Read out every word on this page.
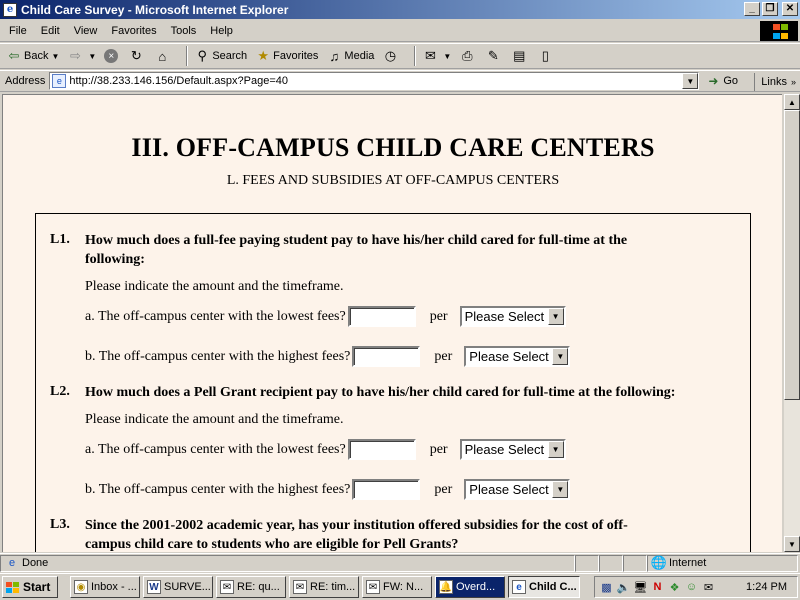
e Child Care Survey - Microsoft Internet Explorer	_	❐	✕
File	Edit	View	Favorites	Tools	Help
⇦ Back ▼ ⇨ ▼	×	↻	⌂	⚲ Search ★ Favorites ♫ Media ◷ ✉ ▼ ⎙ ✎ ▤	▯
Address	e http://38.233.146.156/Default.aspx?Page=40	▼	➜ Go Links »
III. OFF-CAMPUS CHILD CARE CENTERS
L. FEES AND SUBSIDIES AT OFF-CAMPUS CENTERS
L1. How much does a full-fee paying student pay to have his/her child cared for full-time at the
following:
Please indicate the amount and the timeframe.
a. The off-campus center with the lowest fees?	per Please Select ▼
b. The off-campus center with the highest fees?	per Please Select ▼
L2. How much does a Pell Grant recipient pay to have his/her child cared for full-time at the following:
Please indicate the amount and the timeframe.
a. The off-campus center with the lowest fees?	per Please Select ▼
b. The off-campus center with the highest fees?	per Please Select ▼
L3. Since the 2001-2002 academic year, has your institution offered subsidies for the cost of off-
campus child care to students who are eligible for Pell Grants?
▲
▼
e Done	🌐 Internet
Start	◉ Inbox - ... W SURVE... ✉ RE: qu... ✉ RE: tim... ✉ FW: N... 🔔 Overd...	e Child C... ▩ 🔈 🖥 N ❖ ☺ ✉	1:24 PM
